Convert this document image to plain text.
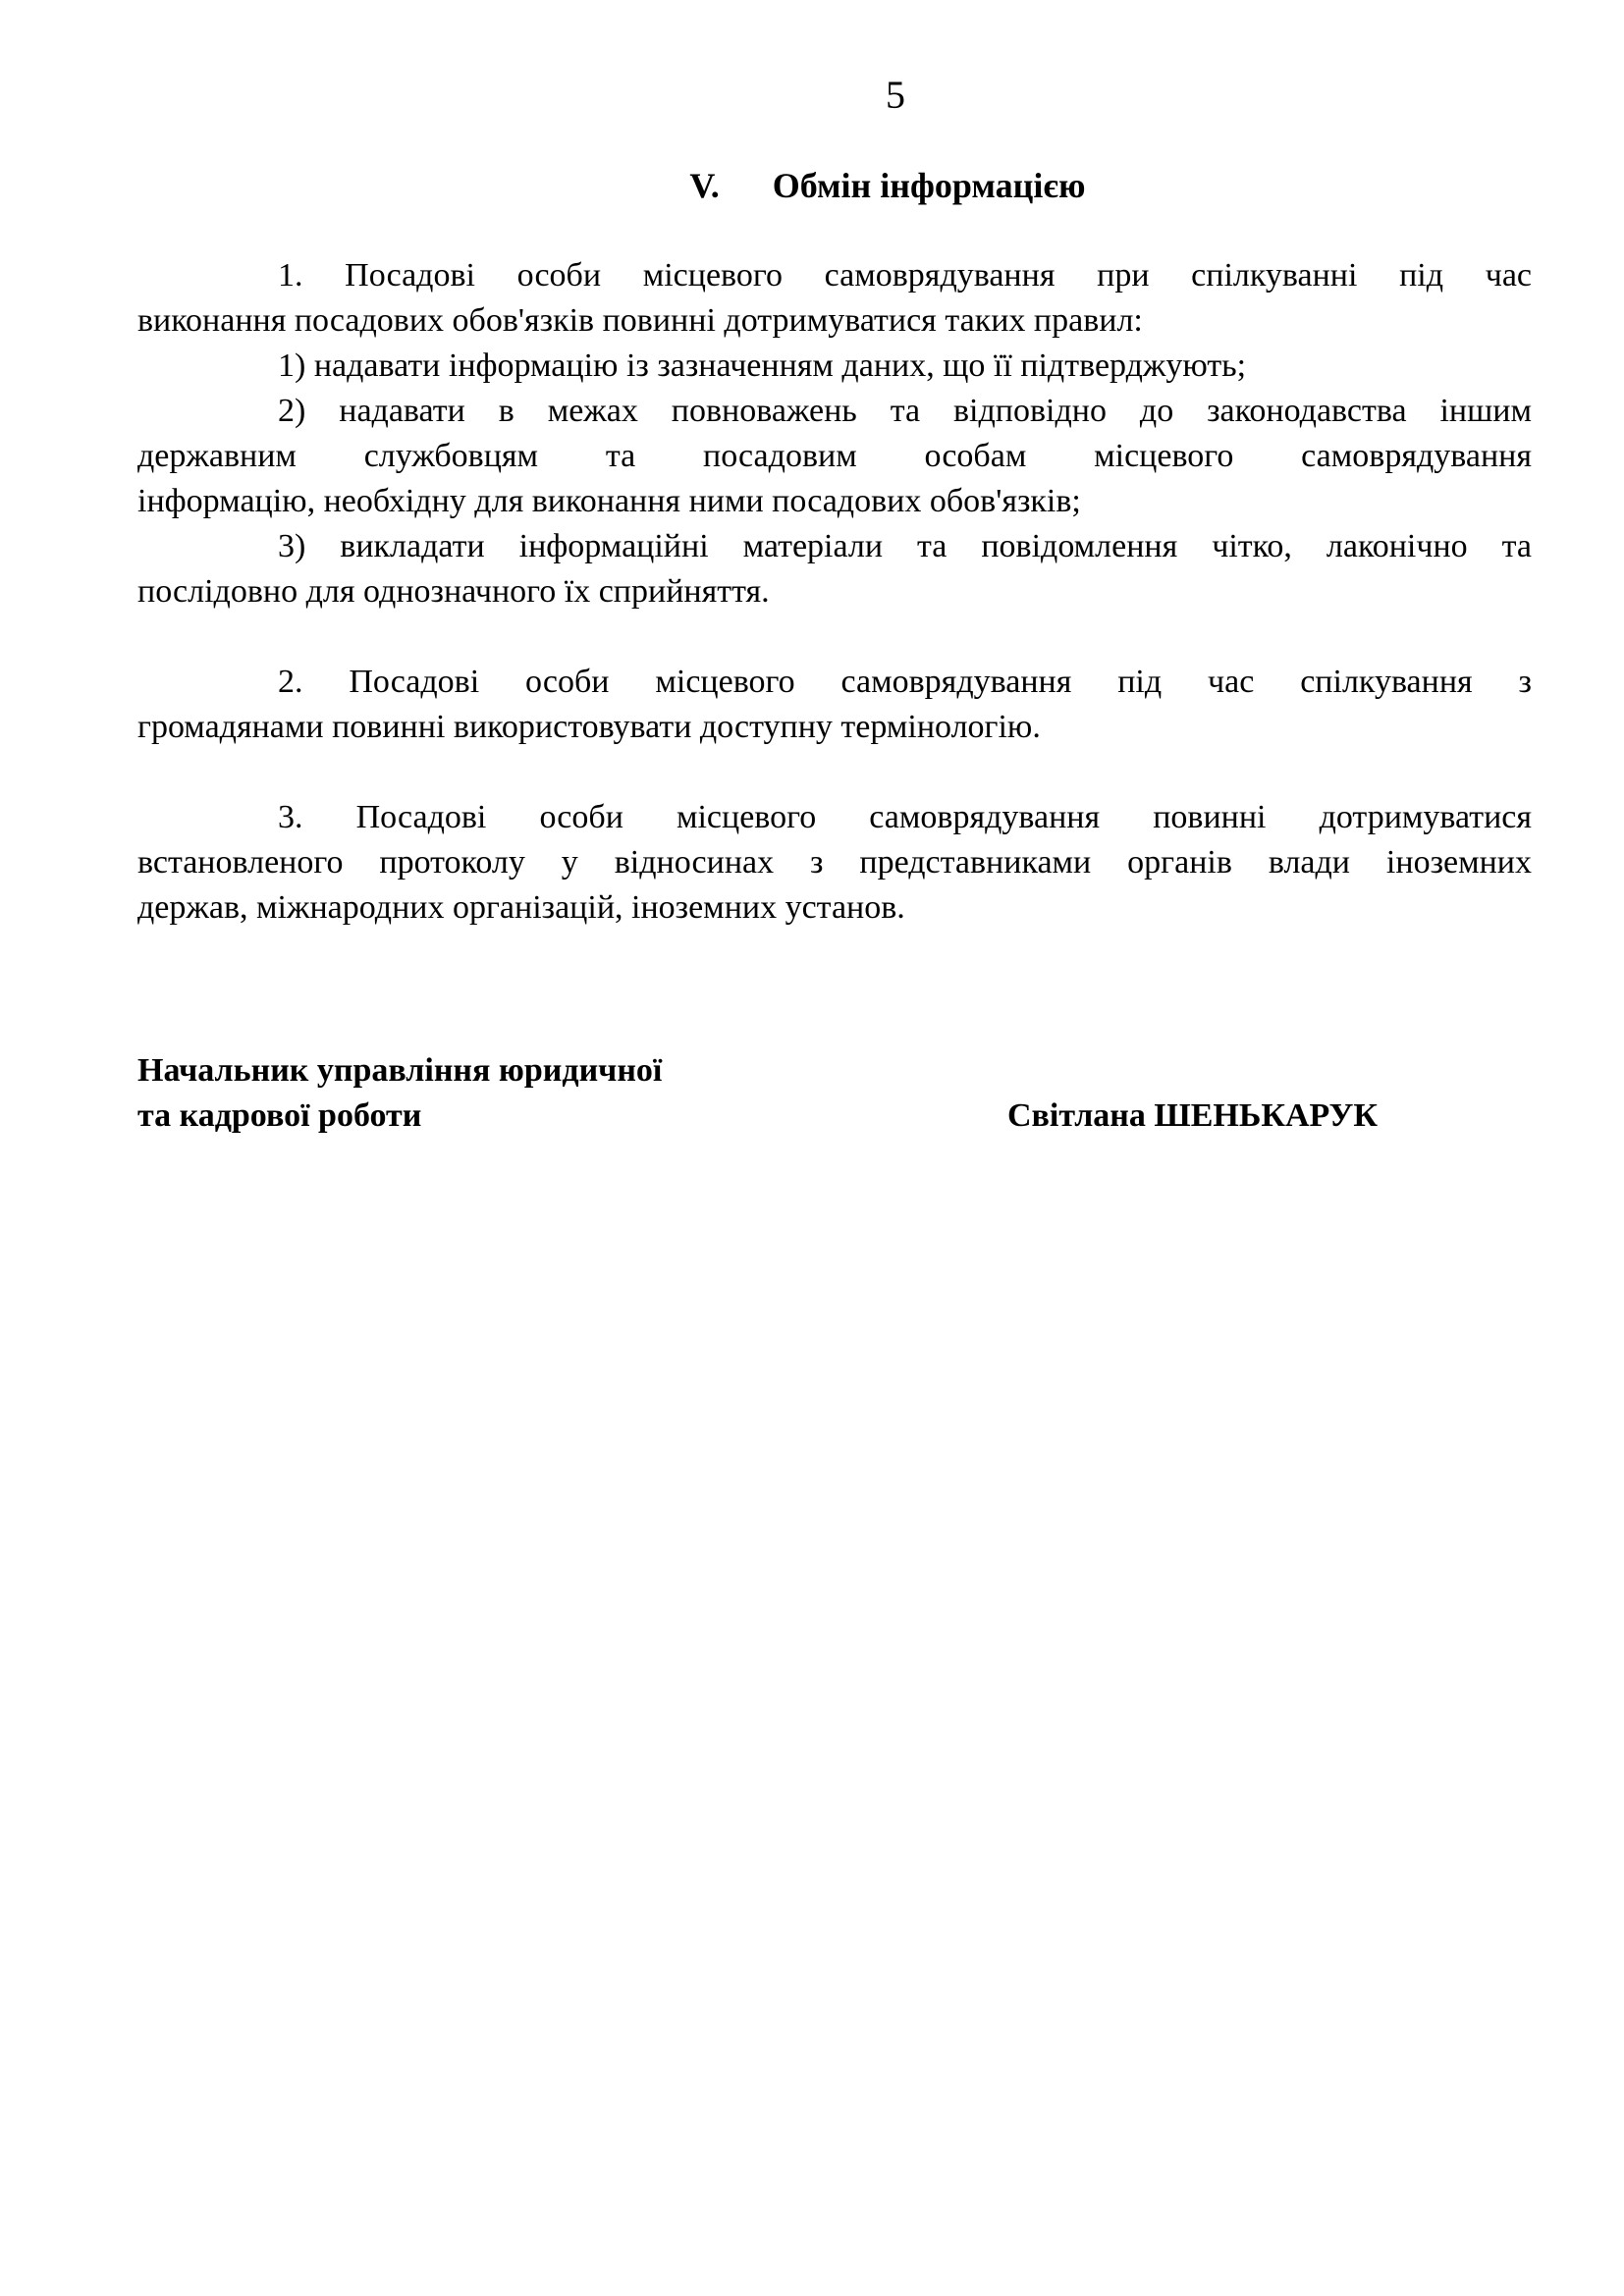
5

V. Обмін інформацією

1. Посадові особи місцевого самоврядування при спілкуванні під час
виконання посадових обов'язків повинні дотримуватися таких правил:

1) надавати інформацію із зазначенням даних, що її підтверджують;

2) надавати в межах повноважень та відповідно до законодавства іншим
державним службовцям та посадовим особам місцевого самоврядування
інформацію, необхідну для виконання ними посадових обов'язків;

3) викладати інформаційні матеріали та повідомлення чітко, лаконічно та
послідовно для однозначного їх сприйняття.

2. Посадові особи місцевого самоврядування під час спілкування з
громадянами повинні використовувати доступну термінологію.

3. Посадові особи місцевого самоврядування повинні дотримуватися
встановленого протоколу у відносинах з представниками органів влади іноземних
держав, міжнародних організацій, іноземних установ.

Начальник управління юридичної
та кадрової роботи	Світлана ШЕНЬКАРУК
